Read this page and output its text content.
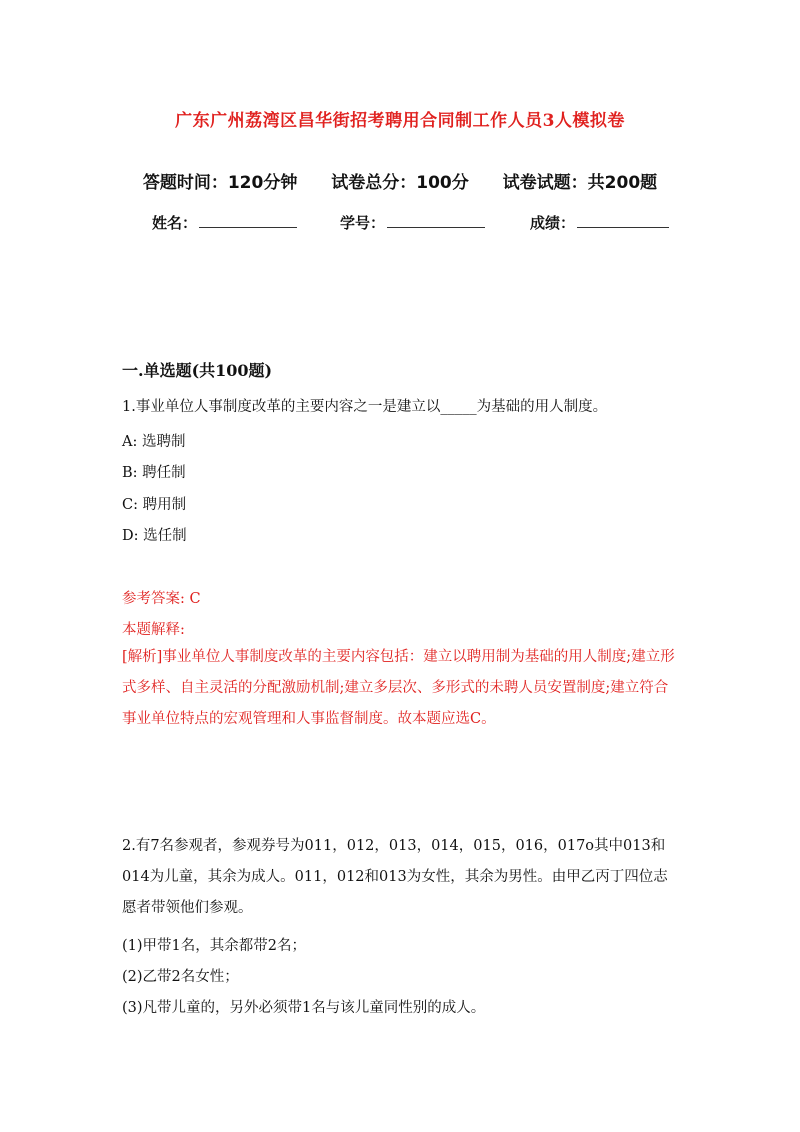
广东广州荔湾区昌华街招考聘用合同制工作人员3人模拟卷
答题时间：120分钟 试卷总分：100分 试卷试题：共200题
姓名：	学号：	成绩：
一.单选题(共100题)
1.事业单位人事制度改革的主要内容之一是建立以_____为基础的用人制度。
A: 选聘制
B: 聘任制
C: 聘用制
D: 选任制
参考答案: C
本题解释:
[解析]事业单位人事制度改革的主要内容包括：建立以聘用制为基础的用人制度;建立形式多样、自主灵活的分配激励机制;建立多层次、多形式的未聘人员安置制度;建立符合事业单位特点的宏观管理和人事监督制度。故本题应选C。
2.有7名参观者，参观券号为011，012，013，014，015，016，017o其中013和014为儿童，其余为成人。011，012和013为女性，其余为男性。由甲乙丙丁四位志愿者带领他们参观。
(1)甲带1名，其余都带2名；
(2)乙带2名女性；
(3)凡带儿童的，另外必须带1名与该儿童同性别的成人。
